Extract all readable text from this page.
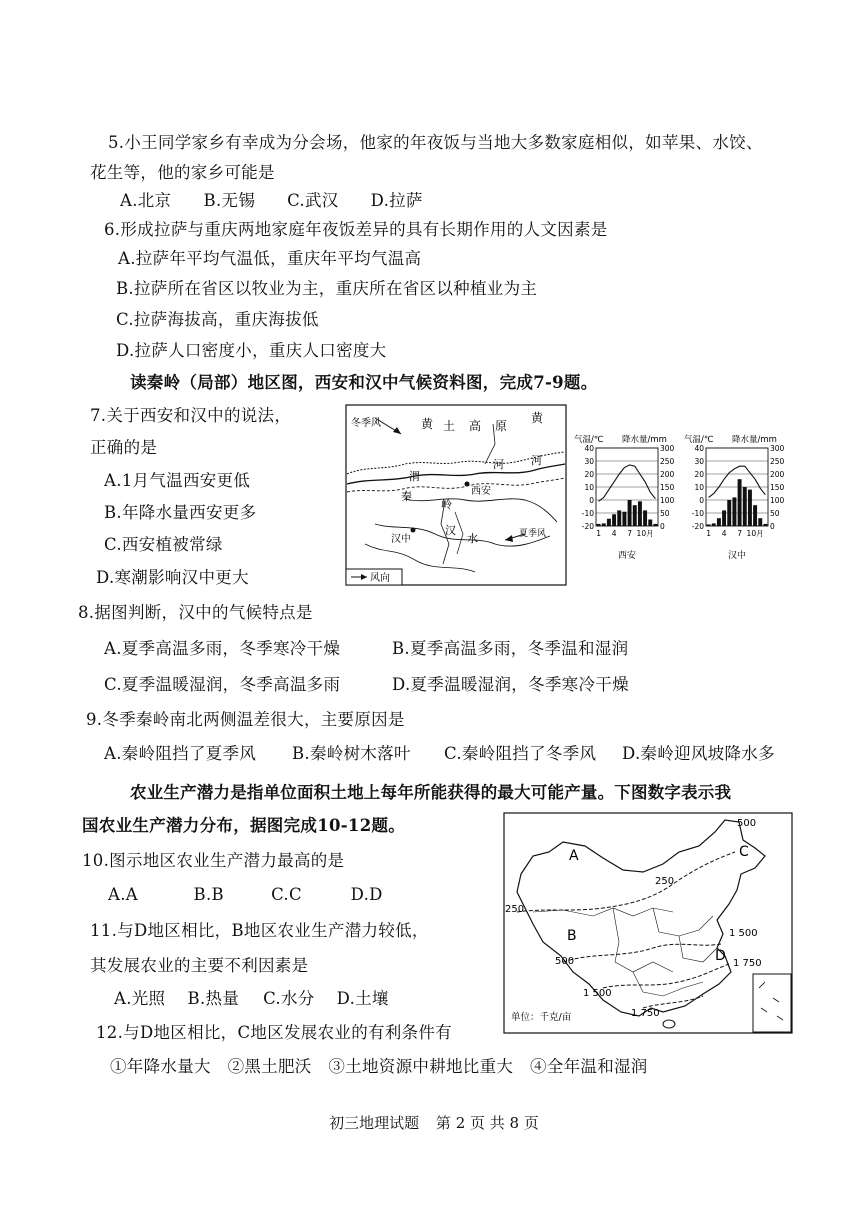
5.小王同学家乡有幸成为分会场，他家的年夜饭与当地大多数家庭相似，如苹果、水饺、
花生等，他的家乡可能是
A.北京 B.无锡 C.武汉 D.拉萨
6.形成拉萨与重庆两地家庭年夜饭差异的具有长期作用的人文因素是
A.拉萨年平均气温低，重庆年平均气温高
B.拉萨所在省区以牧业为主，重庆所在省区以种植业为主
C.拉萨海拔高，重庆海拔低
D.拉萨人口密度小，重庆人口密度大
读秦岭（局部）地区图，西安和汉中气候资料图，完成7-9题。
7.关于西安和汉中的说法，
正确的是
A.1月气温西安更低
B.年降水量西安更多
C.西安植被常绿
D.寒潮影响汉中更大
冬季风	黄 土 高 原
黄
河
渭
河
西安
秦
岭
汉
水
汉中	夏季风
风向
气温/℃ 降水量/mm
40	300
30	250
20	200
10	150
0	100
-10	50
-20	0
1 4 7 10月
西安
气温/℃ 降水量/mm
40	300
30	250
20	200
10	150
0	100
-10	50
-20	0
1 4 7 10月
汉中
8.据图判断，汉中的气候特点是
A.夏季高温多雨，冬季寒冷干燥	B.夏季高温多雨，冬季温和湿润
C.夏季温暖湿润，冬季高温多雨	D.夏季温暖湿润，冬季寒冷干燥
9.冬季秦岭南北两侧温差很大，主要原因是
A.秦岭阻挡了夏季风 B.秦岭树木落叶 C.秦岭阻挡了冬季风 D.秦岭迎风坡降水多
农业生产潜力是指单位面积土地上每年所能获得的最大可能产量。下图数字表示我
国农业生产潜力分布，据图完成10-12题。
10.图示地区农业生产潜力最高的是
A.A	B.B	C.C	D.D
11.与D地区相比，B地区农业生产潜力较低，
其发展农业的主要不利因素是
A.光照 B.热量 C.水分 D.土壤
12.与D地区相比，C地区发展农业的有利条件有
①年降水量大　②黑土肥沃　③土地资源中耕地比重大　④全年温和湿润
A
B
C
D
500
250
250
1 500
500	1 750
1 500
1 750
单位：千克/亩
初三地理试题 第 2 页 共 8 页
